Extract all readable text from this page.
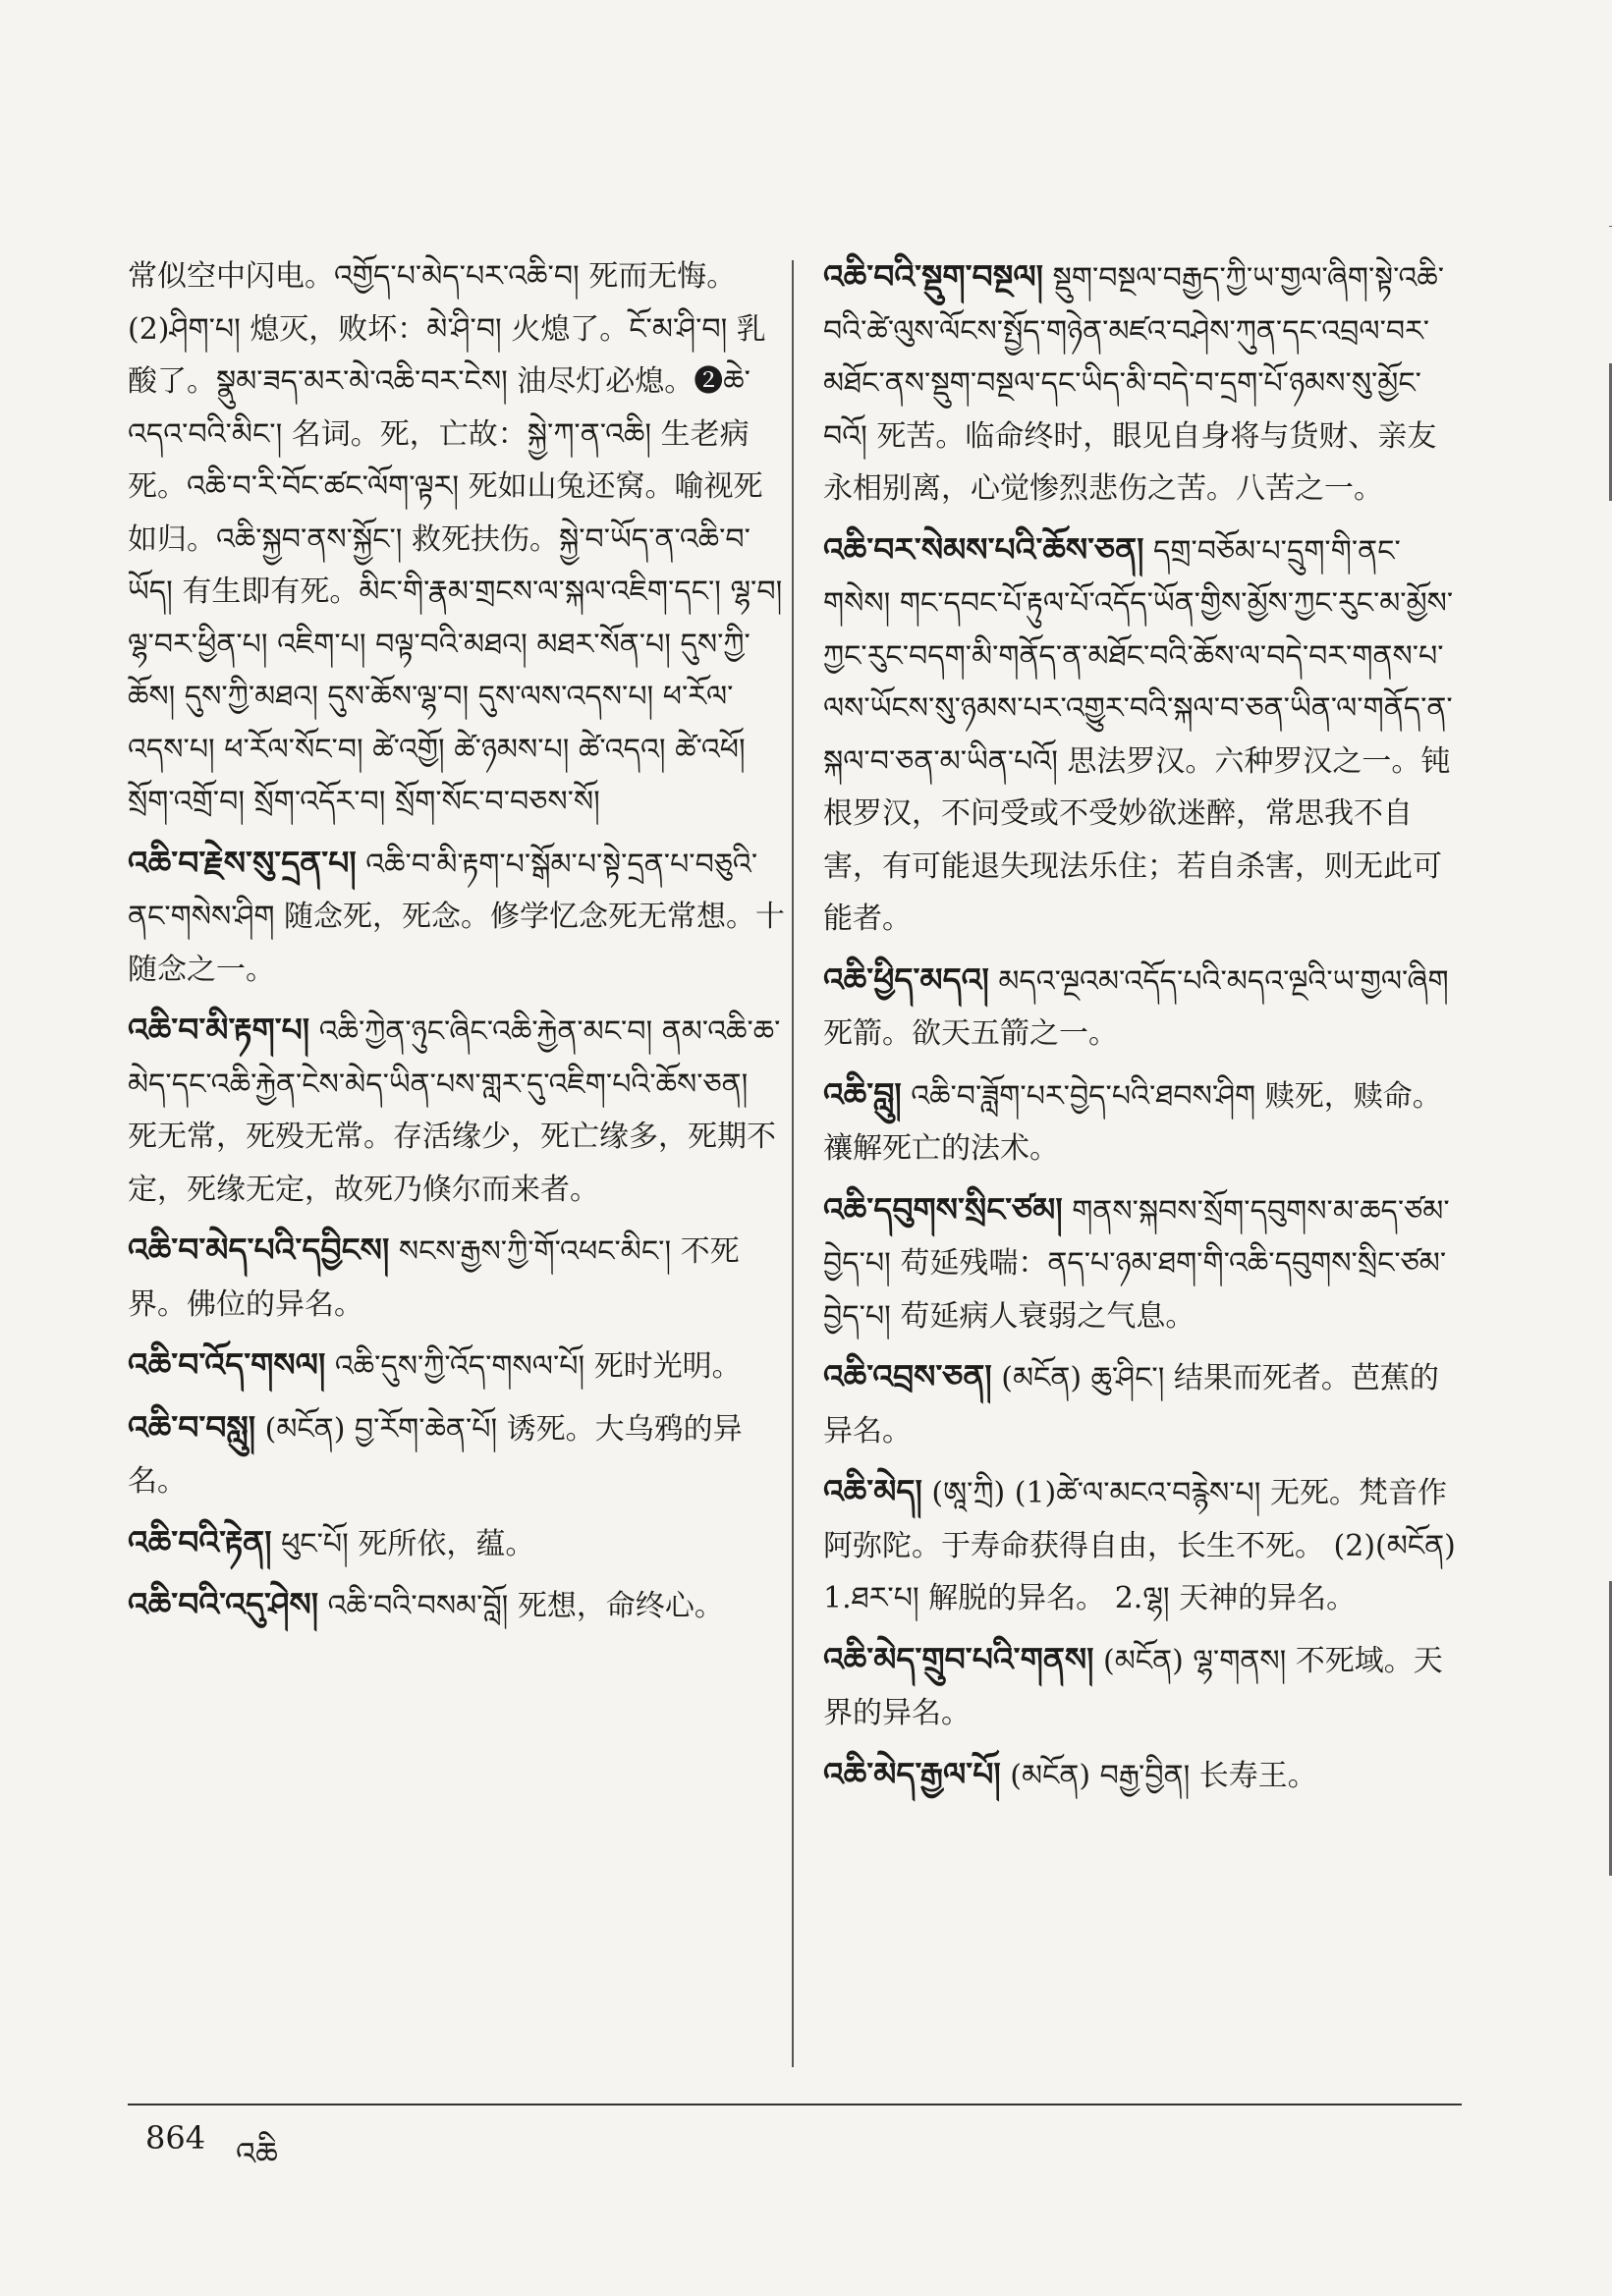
常似空中闪电。འགྱོད་པ་མེད་པར་འཆི་བ། 死而无悔。 (2)ཤིག་པ། 熄灭，败坏：མེ་ཤི་བ། 火熄了。ངོ་མ་ཤི་བ། 乳酸了。སྣུམ་ཟད་མར་མེ་འཆི་བར་ངེས། 油尽灯必熄。❷ཆེ་འདའ་བའི་མིང་། 名词。死，亡故：སྐྱེ་ཀ་ན་འཆི། 生老病死。འཆི་བ་རི་བོང་ཚང་ལོག་ལྟར། 死如山兔还窝。喻视死如归。འཆི་སྐྱབ་ནས་སྐྱོང་། 救死扶伤。སྐྱེ་བ་ཡོད་ན་འཆི་བ་ཡོད། 有生即有死。མིང་གི་རྣམ་གྲངས་ལ་སྐལ་འཇིག་དང་། ལྷ་བ། ལྷ་བར་ཕྱིན་པ། འཇིག་པ། བལྟ་བའི་མཐའ། མཐར་སོན་པ། དུས་ཀྱི་ཆོས། དུས་ཀྱི་མཐའ། དུས་ཆོས་ལྷ་བ། དུས་ལས་འདས་པ། ཕ་རོལ་འདས་པ། ཕ་རོལ་སོང་བ། ཚེ་འགྱོ། ཚེ་ཉམས་པ། ཚེ་འདའ། ཚེ་འཕོ། སྲོག་འགྲོ་བ། སྲོག་འདོར་བ། སྲོག་སོང་བ་བཅས་སོ།

འཆི་བ་རྗེས་སུ་དྲན་པ། འཆི་བ་མི་རྟག་པ་སྒོམ་པ་སྟེ་དྲན་པ་བཅུའི་ནང་གསེས་ཤིག 随念死，死念。修学忆念死无常想。十随念之一。

འཆི་བ་མི་རྟག་པ། འཆི་ཀྱེན་ཉུང་ཞིང་འཆི་རྐྱེན་མང་བ། ནམ་འཆི་ཆ་མེད་དང་འཆི་རྐྱེན་ངེས་མེད་ཡིན་པས་གླར་དུ་འཇིག་པའི་ཆོས་ཅན། 死无常，死殁无常。存活缘少，死亡缘多，死期不定，死缘无定，故死乃倏尔而来者。

འཆི་བ་མེད་པའི་དབྱིངས། སངས་རྒྱས་ཀྱི་གོ་འཕང་མིང་། 不死界。佛位的异名。

འཆི་བ་འོད་གསལ། འཆི་དུས་ཀྱི་འོད་གསལ་པོ། 死时光明。

འཆི་བ་བསླུ། (མངོན) བྱ་རོག་ཆེན་པོ། 诱死。大乌鸦的异名。

འཆི་བའི་རྟེན། ཕུང་པོ། 死所依，蕴。

འཆི་བའི་འདུ་ཤེས། འཆི་བའི་བསམ་བློ། 死想，命终心。

འཆི་བའི་སྡུག་བསྔལ། སྡུག་བསྔལ་བརྒྱད་ཀྱི་ཡ་གྱལ་ཞིག་སྟེ་འཆི་བའི་ཚེ་ལུས་ལོངས་སྤྱོད་གཉེན་མཛའ་བཤེས་ཀུན་དང་འབྲལ་བར་མཐོང་ནས་སྡུག་བསྔལ་དང་ཡིད་མི་བདེ་བ་དྲག་པོ་ཉམས་སུ་མྱོང་བའོ། 死苦。临命终时，眼见自身将与货财、亲友永相别离，心觉惨烈悲伤之苦。八苦之一。

འཆི་བར་སེམས་པའི་ཆོས་ཅན། དགྲ་བཅོམ་པ་དྲུག་གི་ནང་གསེས། གང་དབང་པོ་རྟུལ་པོ་འདོད་ཡོན་གྱིས་མྱོས་ཀྱང་རུང་མ་མྱོས་ཀྱང་རུང་བདག་མི་གནོད་ན་མཐོང་བའི་ཆོས་ལ་བདེ་བར་གནས་པ་ལས་ཡོངས་སུ་ཉམས་པར་འགྱུར་བའི་སྐལ་བ་ཅན་ཡིན་ལ་གནོད་ན་སྐལ་བ་ཅན་མ་ཡིན་པའོ། 思法罗汉。六种罗汉之一。钝根罗汉，不问受或不受妙欲迷醉，常思我不自害，有可能退失现法乐住；若自杀害，则无此可能者。

འཆི་ཕྱིད་མདའ། མདའ་ལྔའམ་འདོད་པའི་མདའ་ལྔའི་ཡ་གྱལ་ཞིག 死箭。欲天五箭之一。

འཆི་བླུ། འཆི་བ་ཟློག་པར་བྱེད་པའི་ཐབས་ཤིག 赎死，赎命。禳解死亡的法术。

འཆི་དབུགས་སྲིང་ཙམ། གནས་སྐབས་སྲོག་དབུགས་མ་ཆད་ཙམ་བྱེད་པ། 苟延残喘：ནད་པ་ཉམ་ཐག་གི་འཆི་དབུགས་སྲིང་ཙམ་བྱེད་པ། 苟延病人衰弱之气息。

འཆི་འབྲས་ཅན། (མངོན) ཆུ་ཤིང་། 结果而死者。芭蕉的异名。

འཆི་མེད། (ཨཱ་ཀྲི) (1)ཚེ་ལ་མངའ་བརྙེས་པ། 无死。梵音作阿弥陀。于寿命获得自由，长生不死。 (2)(མངོན) 1.ཐར་པ། 解脱的异名。 2.ལྷ། 天神的异名。

འཆི་མེད་གྲུབ་པའི་གནས། (མངོན) ལྷ་གནས། 不死域。天界的异名。

འཆི་མེད་རྒྱལ་པོ། (མངོན) བརྒྱ་བྱིན། 长寿王。

864 འཆི
